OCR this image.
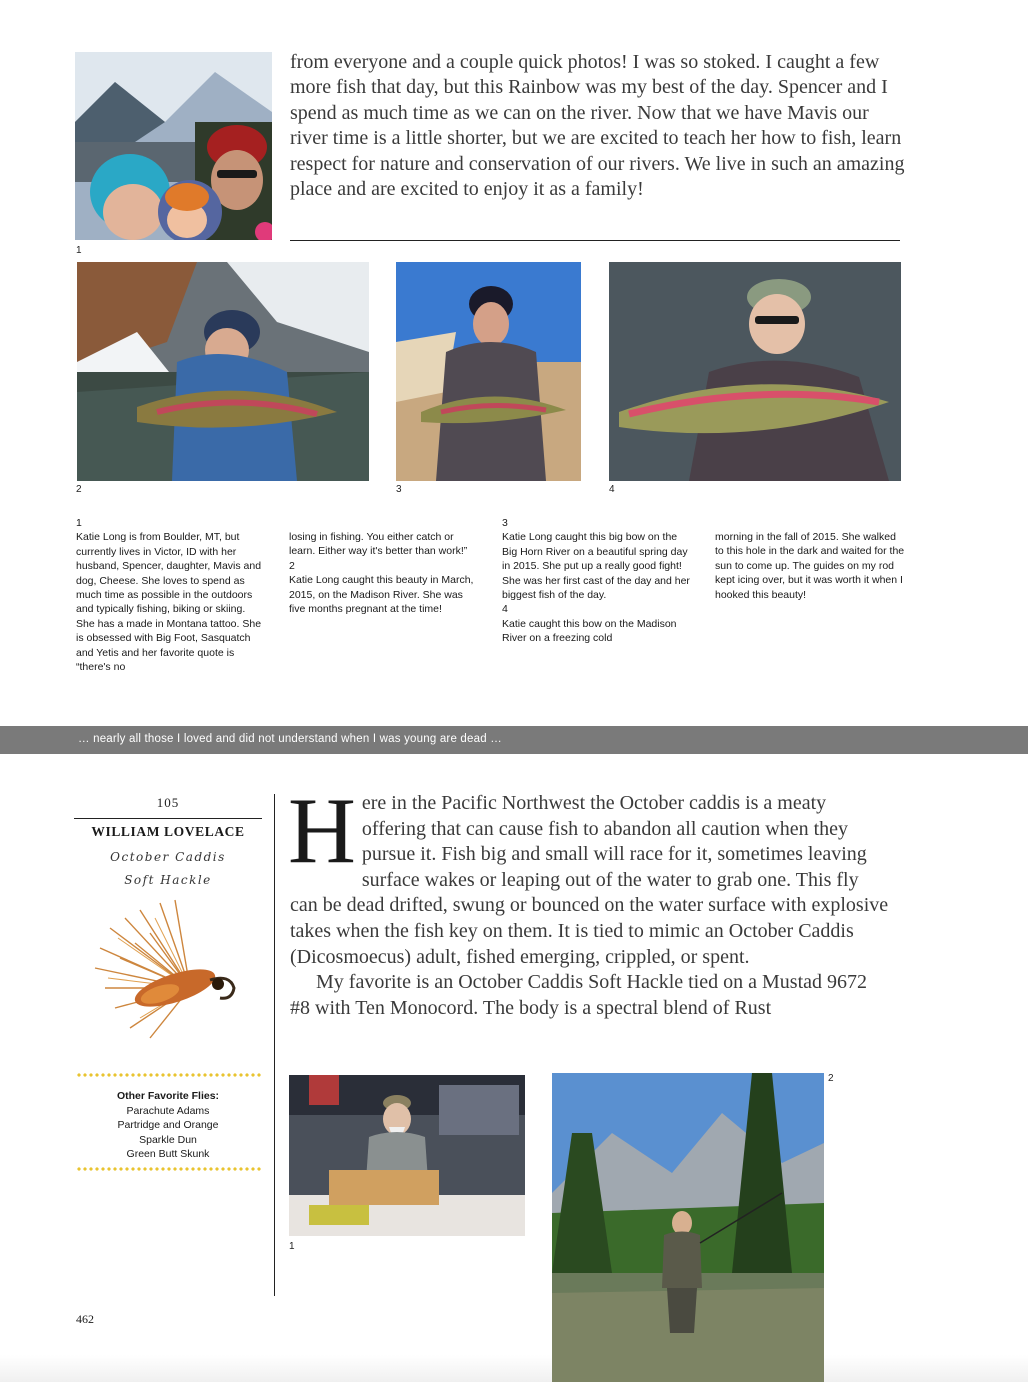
1
from everyone and a couple quick photos! I was so stoked. I caught a few more fish that day, but this Rainbow was my best of the day. Spencer and I spend as much time as we can on the river. Now that we have Mavis our river time is a little shorter, but we are excited to teach her how to fish, learn respect for nature and conservation of our rivers. We live in such an amazing place and are excited to enjoy it as a family!
2	3	4

1

Katie Long is from Boulder, MT, but currently lives in Victor, ID with her husband, Spencer, daughter, Mavis and dog, Cheese. She loves to spend as much time as possible in the outdoors and typically fishing, biking or skiing. She has a made in Montana tattoo. She is obsessed with Big Foot, Sasquatch and Yetis and her favorite quote is “there's no

losing in fishing. You either catch or learn. Either way it's better than work!”

2

Katie Long caught this beauty in March, 2015, on the Madison River. She was five months pregnant at the time!

3

Katie Long caught this big bow on the Big Horn River on a beautiful spring day in 2015. She put up a really good fight! She was her first cast of the day and her biggest fish of the day.

4

Katie caught this bow on the Madison River on a freezing cold

morning in the fall of 2015. She walked to this hole in the dark and waited for the sun to come up. The guides on my rod kept icing over, but it was worth it when I hooked this beauty!

… nearly all those I loved and did not understand when I was young are dead …
105
WILLIAM LOVELACE
October Caddis
Soft Hackle
Other Favorite Flies:
Parachute Adams
Partridge and Orange
Sparkle Dun
Green Butt Skunk
462

Here in the Pacific Northwest the October caddis is a meaty offering that can cause fish to abandon all caution when they pursue it. Fish big and small will race for it, sometimes leaving surface wakes or leaping out of the water to grab one. This fly can be dead drifted, swung or bounced on the water surface with explosive takes when the fish key on them. It is tied to mimic an October Caddis (Dicosmoecus) adult, fished emerging, crippled, or spent.

My favorite is an October Caddis Soft Hackle tied on a Mustad 9672 #8 with Ten Monocord. The body is a spectral blend of Rust

1
2
